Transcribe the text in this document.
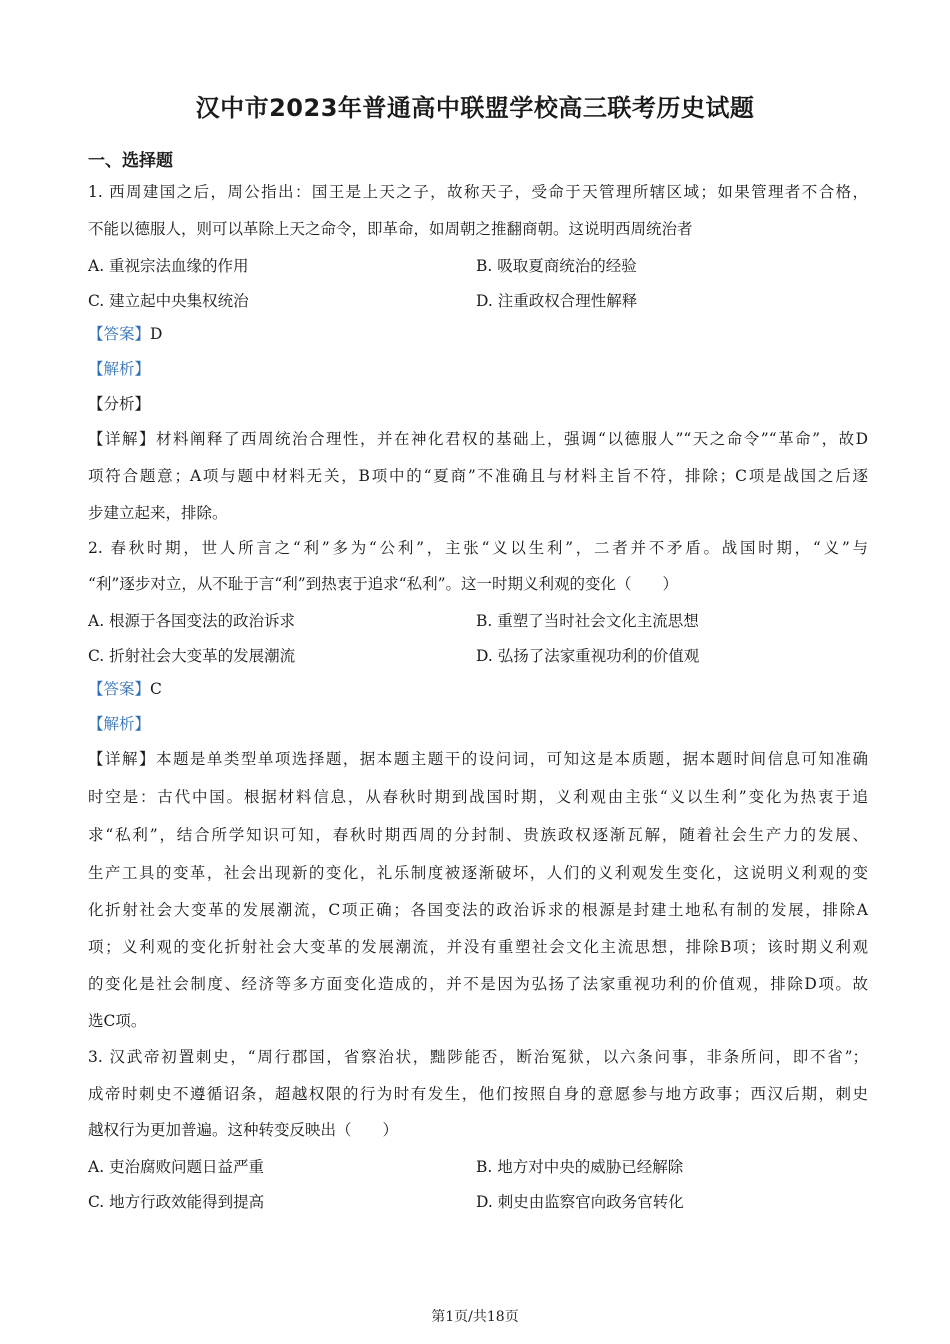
汉中市2023年普通高中联盟学校高三联考历史试题
一、选择题
1. 西周建国之后，周公指出：国王是上天之子，故称天子，受命于天管理所辖区域；如果管理者不合格，
不能以德服人，则可以革除上天之命令，即革命，如周朝之推翻商朝。这说明西周统治者
A. 重视宗法血缘的作用	B. 吸取夏商统治的经验
C. 建立起中央集权统治	D. 注重政权合理性解释
【答案】D
【解析】
【分析】
【详解】材料阐释了西周统治合理性，并在神化君权的基础上，强调“以德服人”“天之命令”“革命”，故D
项符合题意；A项与题中材料无关，B项中的“夏商”不准确且与材料主旨不符，排除；C项是战国之后逐
步建立起来，排除。
2. 春秋时期，世人所言之“利”多为“公利”，主张“义以生利”，二者并不矛盾。战国时期，“义”与
“利”逐步对立，从不耻于言“利”到热衷于追求“私利”。这一时期义利观的变化（　　）
A. 根源于各国变法的政治诉求	B. 重塑了当时社会文化主流思想
C. 折射社会大变革的发展潮流	D. 弘扬了法家重视功利的价值观
【答案】C
【解析】
【详解】本题是单类型单项选择题，据本题主题干的设问词，可知这是本质题，据本题时间信息可知准确
时空是：古代中国。根据材料信息，从春秋时期到战国时期，义利观由主张“义以生利”变化为热衷于追
求“私利”，结合所学知识可知，春秋时期西周的分封制、贵族政权逐渐瓦解，随着社会生产力的发展、
生产工具的变革，社会出现新的变化，礼乐制度被逐渐破坏，人们的义利观发生变化，这说明义利观的变
化折射社会大变革的发展潮流，C项正确；各国变法的政治诉求的根源是封建土地私有制的发展，排除A
项；义利观的变化折射社会大变革的发展潮流，并没有重塑社会文化主流思想，排除B项；该时期义利观
的变化是社会制度、经济等多方面变化造成的，并不是因为弘扬了法家重视功利的价值观，排除D项。故
选C项。
3. 汉武帝初置刺史，“周行郡国，省察治状，黜陟能否，断治冤狱，以六条问事，非条所问，即不省”；
成帝时刺史不遵循诏条，超越权限的行为时有发生，他们按照自身的意愿参与地方政事；西汉后期，刺史
越权行为更加普遍。这种转变反映出（　　）
A. 吏治腐败问题日益严重	B. 地方对中央的威胁已经解除
C. 地方行政效能得到提高	D. 刺史由监察官向政务官转化
第1页/共18页
